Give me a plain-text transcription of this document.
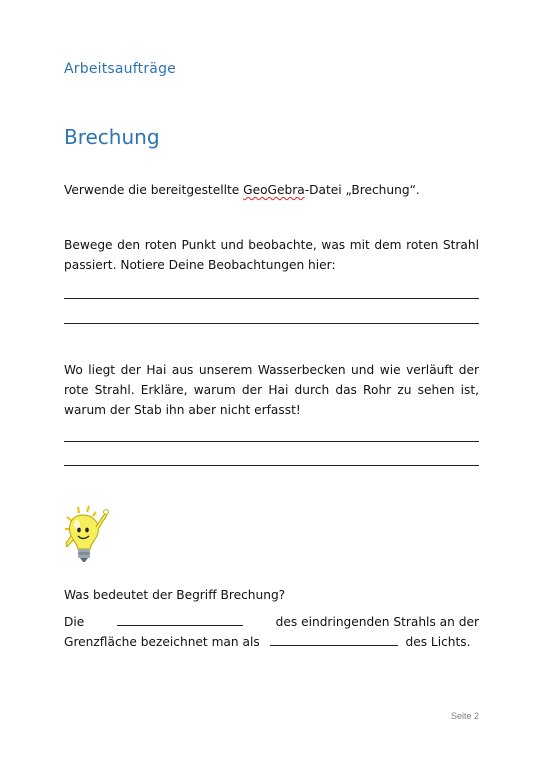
Arbeitsaufträge
Brechung
Verwende die bereitgestellte GeoGebra-Datei „Brechung“.
Bewege den roten Punkt und beobachte, was mit dem roten Strahl passiert. Notiere Deine Beobachtungen hier:
Wo liegt der Hai aus unserem Wasserbecken und wie verläuft der rote Strahl. Erkläre, warum der Hai durch das Rohr zu sehen ist, warum der Stab ihn aber nicht erfasst!
Was bedeutet der Begriff Brechung?
Die	des eindringenden Strahls an der
Grenzfläche bezeichnet man als	des Lichts.
Seite 2
